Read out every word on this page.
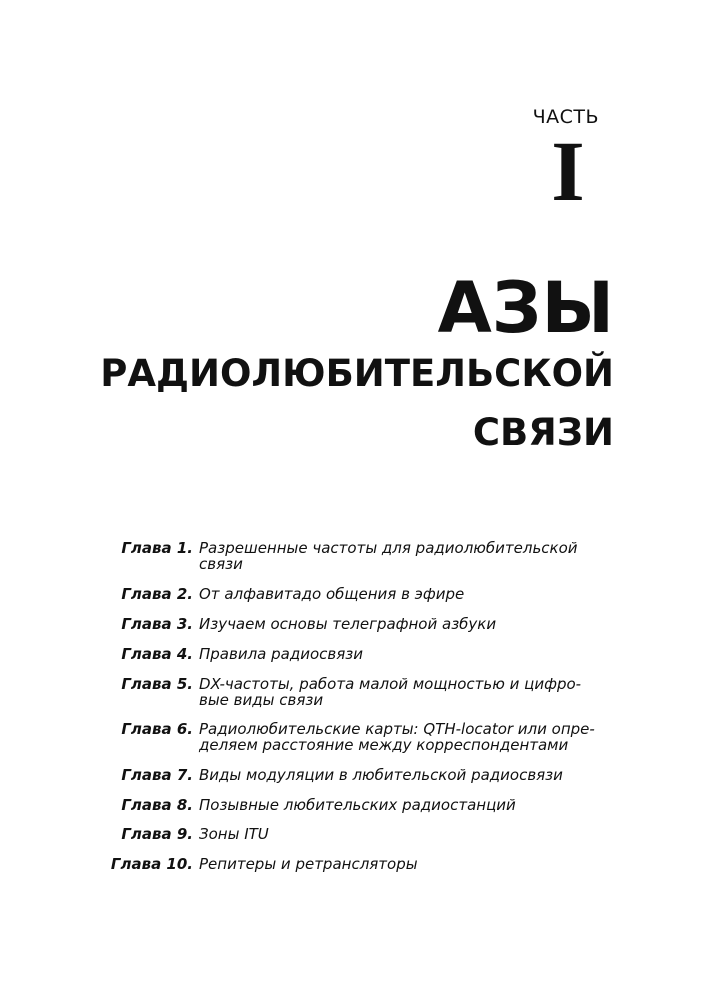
ЧАСТЬ
I
АЗЫ
РАДИОЛЮБИТЕЛЬСКОЙ
СВЯЗИ
Глава 1. Разрешенные частоты для радиолюбительской
связи
Глава 2. От алфавитадо общения в эфире
Глава 3. Изучаем основы телеграфной азбуки
Глава 4. Правила радиосвязи
Глава 5. DX-частоты, работа малой мощностью и цифро-
вые виды связи
Глава 6. Радиолюбительские карты: QTH-locator или опре-
деляем расстояние между корреспондентами
Глава 7. Виды модуляции в любительской радиосвязи
Глава 8. Позывные любительских радиостанций
Глава 9. Зоны ITU
Глава 10. Репитеры и ретрансляторы
